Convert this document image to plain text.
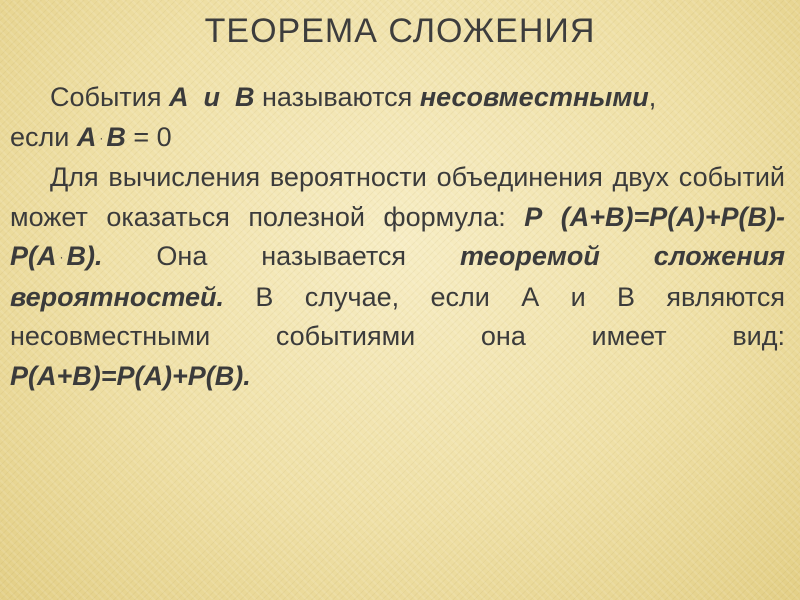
ТЕОРЕМА СЛОЖЕНИЯ

События А и В называются несовместными,

если А · В = 0

Для вычисления вероятности объединения двух событий может оказаться полезной формула: Р (А+В)=Р(А)+Р(В)-Р(А · В). Она называется теоремой сложения вероятностей. В случае, если А и В являются несовместными событиями она имеет вид: Р(А+В)=Р(А)+Р(В).
